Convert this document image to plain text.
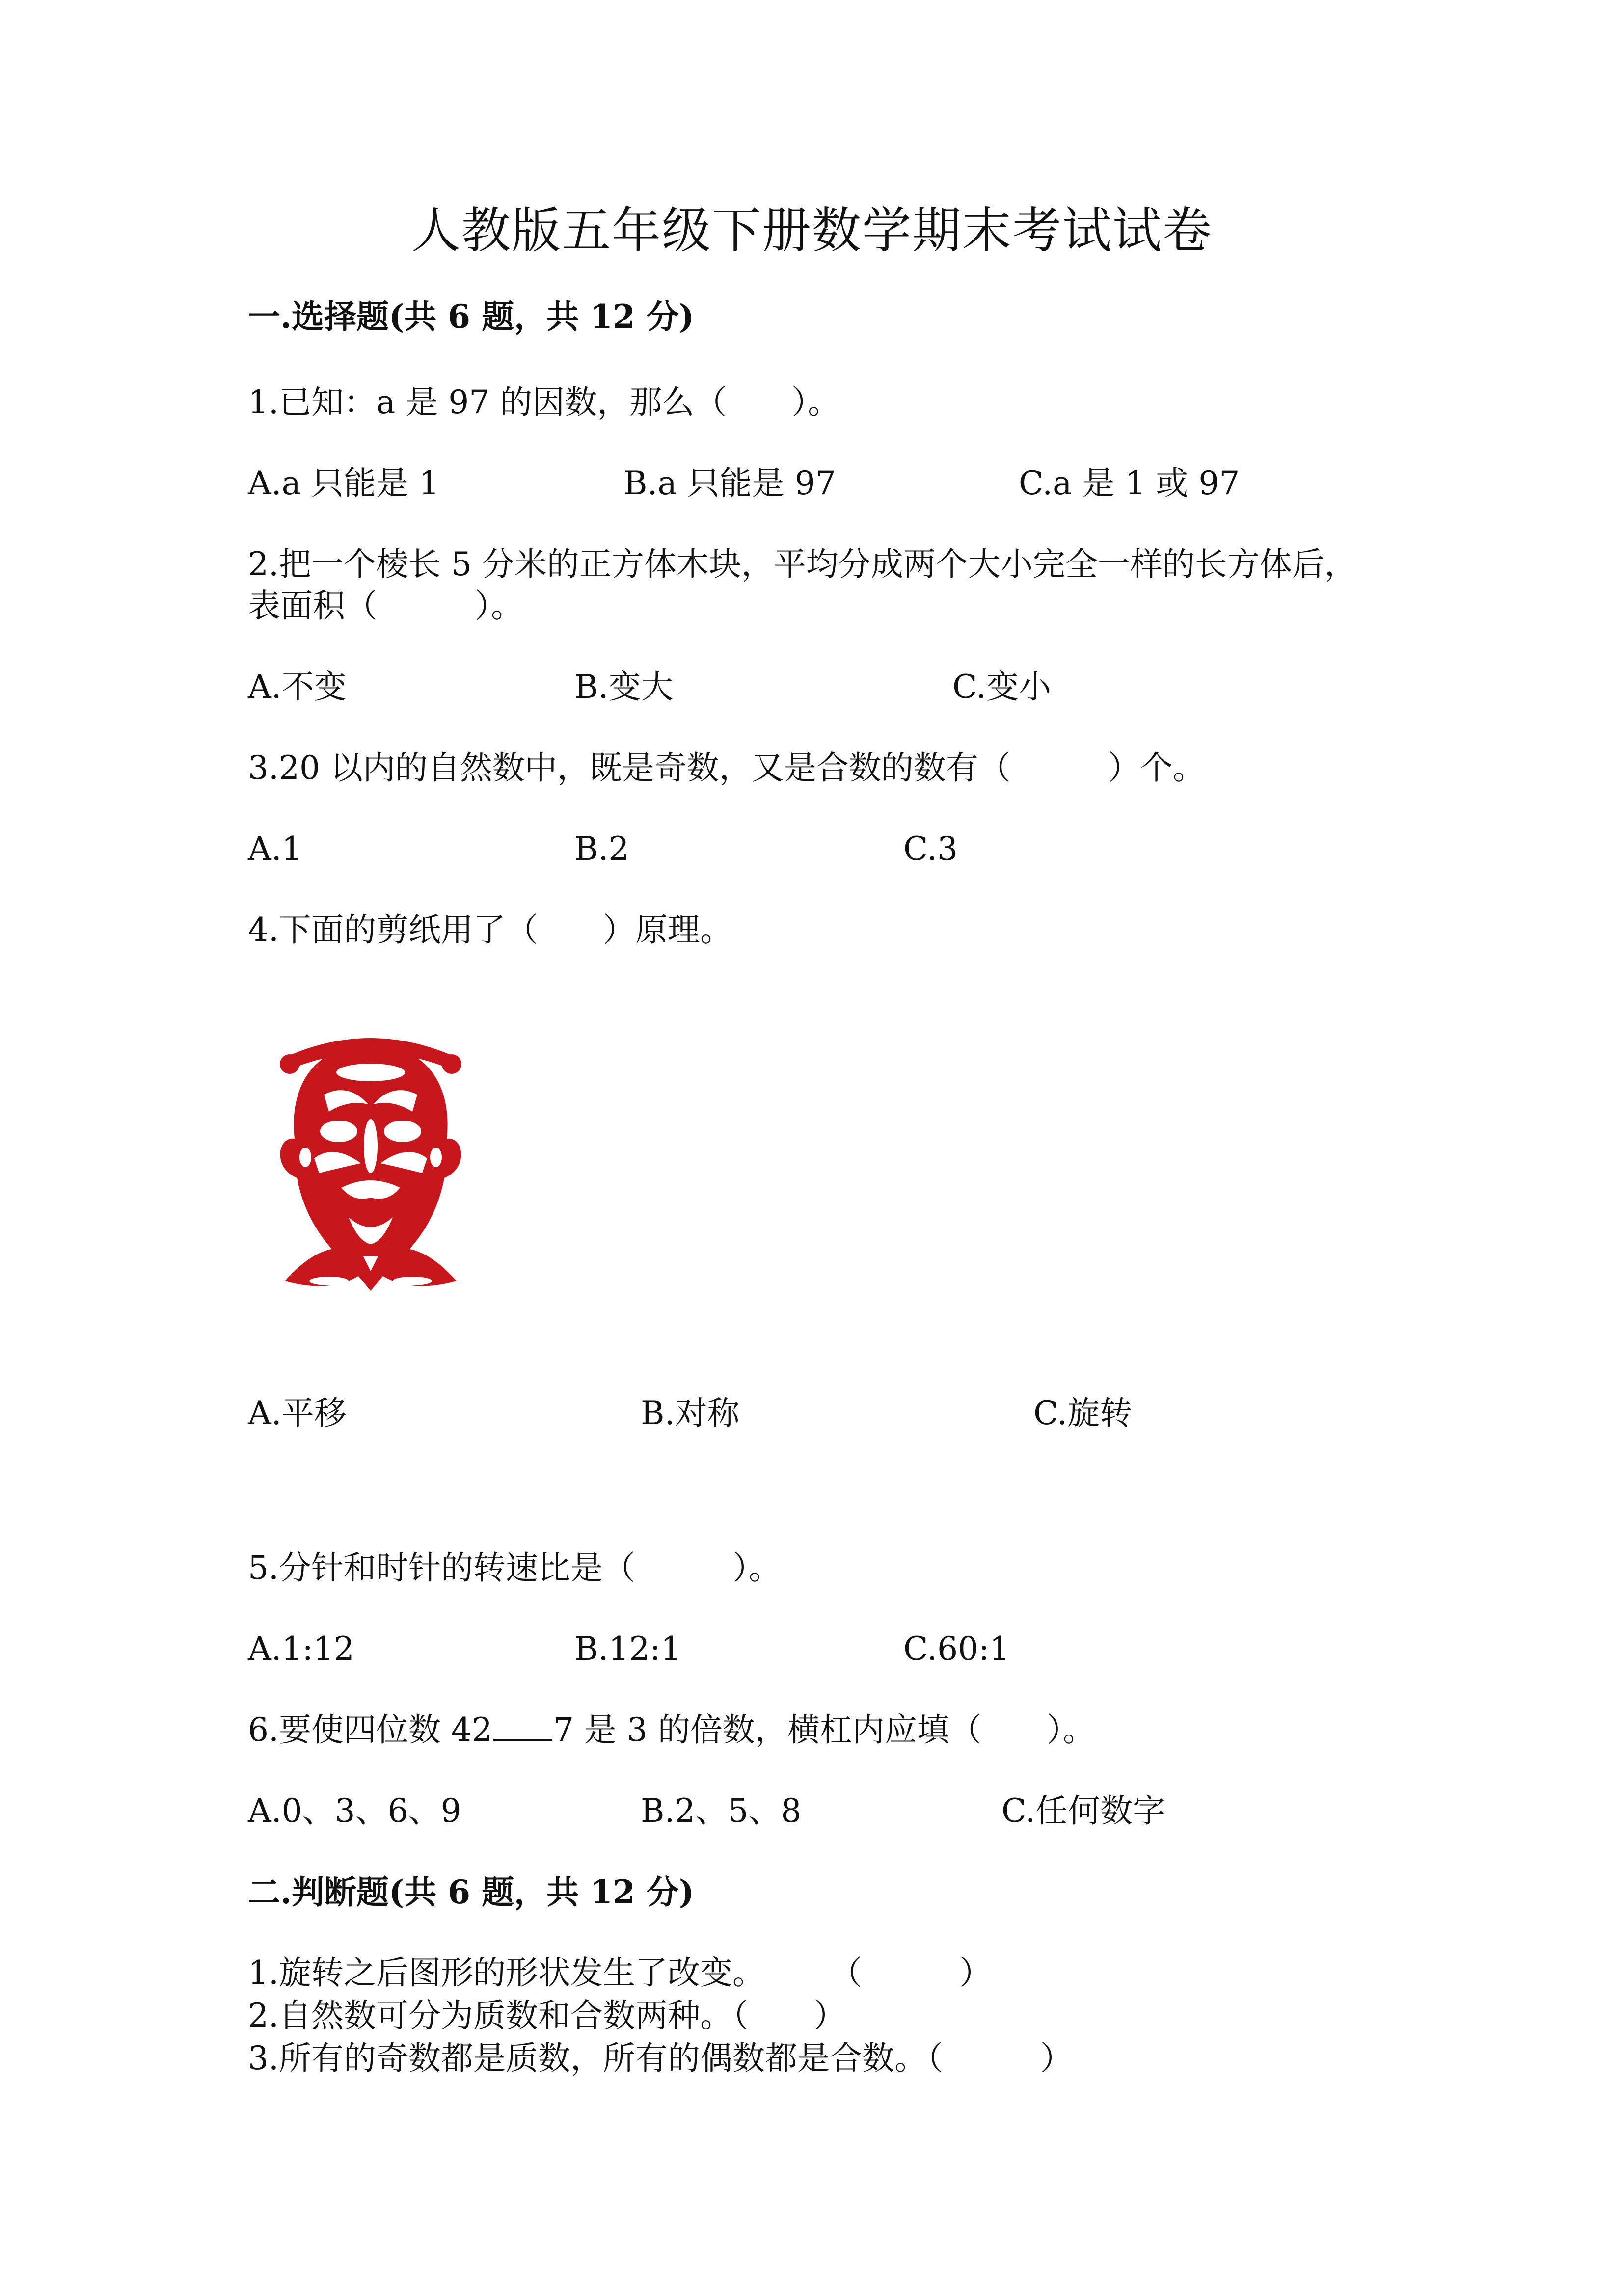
人教版五年级下册数学期末考试试卷
一.选择题(共 6 题，共 12 分)
1.已知：a 是 97 的因数，那么（　　）。
A.a 只能是 1	B.a 只能是 97	C.a 是 1 或 97
2.把一个棱长 5 分米的正方体木块，平均分成两个大小完全一样的长方体后，
表面积（　　　）。
A.不变	B.变大	C.变小
3.20 以内的自然数中，既是奇数，又是合数的数有（　　　）个。
A.1	B.2	C.3
4.下面的剪纸用了（　　）原理。
A.平移	B.对称	C.旋转
5.分针和时针的转速比是（　　　）。
A.1:12	B.12:1	C.60:1
6.要使四位数 42 7 是 3 的倍数，横杠内应填（　　）。
A.0、3、6、9	B.2、5、8	C.任何数字
二.判断题(共 6 题，共 12 分)
1.旋转之后图形的形状发生了改变。　　　（　　　）
2.自然数可分为质数和合数两种。（　　）
3.所有的奇数都是质数，所有的偶数都是合数。（　　　）
